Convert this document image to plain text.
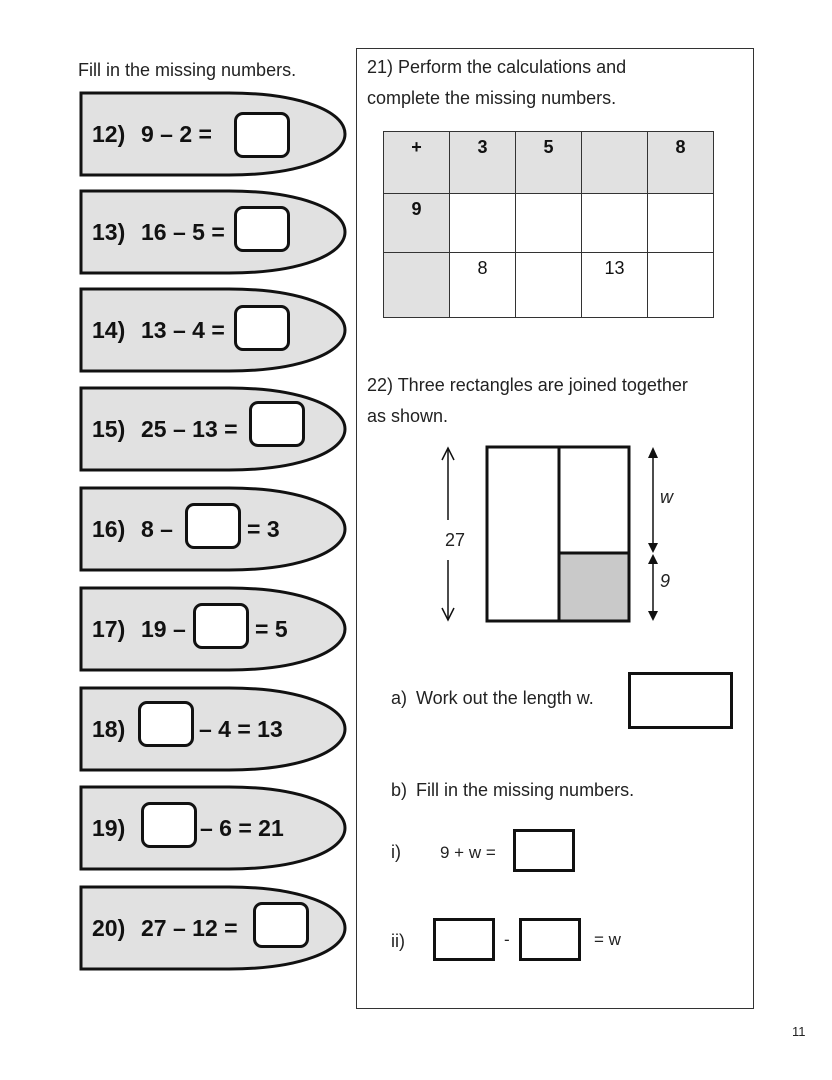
Fill in the missing numbers.
12) 9 – 2 =
13) 16 – 5 =
14) 13 – 4 =
15) 25 – 13 =
16) 8 –	= 3
17) 19 –	= 5
18)	– 4 = 13
19)	– 6 = 21
20) 27 – 12 =
21) Perform the calculations and
complete the missing numbers.
+	3	5		8
9				
	8		13	
22) Three rectangles are joined together
as shown.
27
w
9
a) Work out the length w.
b) Fill in the missing numbers.
i) 9 + w =
ii)	-	= w
11
